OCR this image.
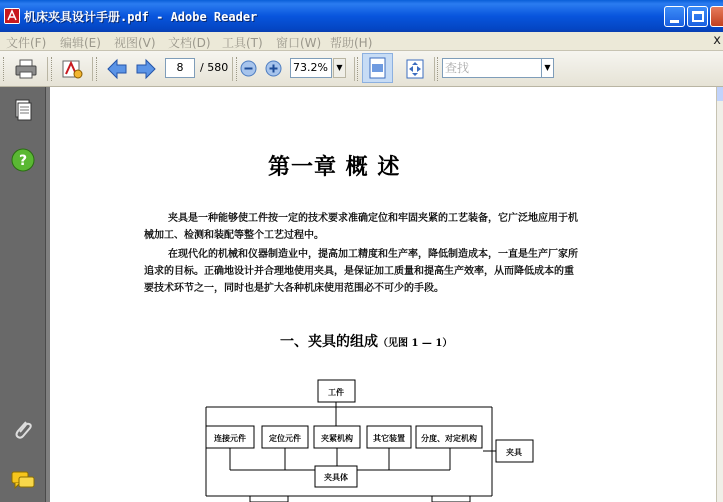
机床夹具设计手册.pdf - Adobe Reader
文件(F) 编辑(E) 视图(V) 文档(D) 工具(T) 窗口(W) 帮助(H)	x
8	/ 580	73.2%	▼	查找	▼
?	第一章 概 述
夹具是一种能够使工件按一定的技术要求准确定位和牢固夹紧的工艺装备，它广泛地应用于机械加工、检测和装配等整个工艺过程中。
在现代化的机械和仪器制造业中，提高加工精度和生产率，降低制造成本，一直是生产厂家所追求的目标。正确地设计并合理地使用夹具，是保证加工质量和提高生产效率，从而降低成本的重要技术环节之一，同时也是扩大各种机床使用范围必不可少的手段。
一、夹具的组成（见图 1 — 1）
工件
连接元件	定位元件	夹紧机构	其它装置 分度、对定机构
夹具
夹具体
